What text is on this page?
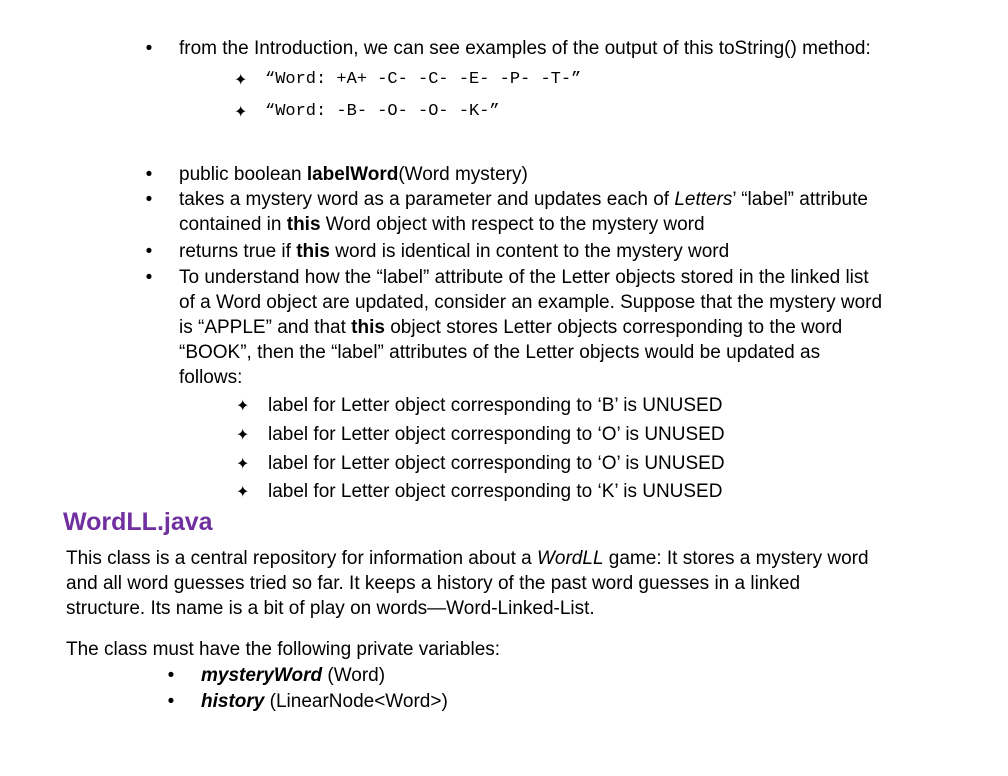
• from the Introduction, we can see examples of the output of this toString() method:
✦ “Word: +A+ -C- -C- -E- -P- -T-”
✦ “Word: -B- -O- -O- -K-”
• public boolean labelWord(Word mystery)
• takes a mystery word as a parameter and updates each of Letters’ “label” attribute
contained in this Word object with respect to the mystery word
• returns true if this word is identical in content to the mystery word
• To understand how the “label” attribute of the Letter objects stored in the linked list
of a Word object are updated, consider an example. Suppose that the mystery word
is “APPLE” and that this object stores Letter objects corresponding to the word
“BOOK”, then the “label” attributes of the Letter objects would be updated as
follows:
✦ label for Letter object corresponding to ‘B’ is UNUSED
✦ label for Letter object corresponding to ‘O’ is UNUSED
✦ label for Letter object corresponding to ‘O’ is UNUSED
✦ label for Letter object corresponding to ‘K’ is UNUSED
WordLL.java
This class is a central repository for information about a WordLL game: It stores a mystery word
and all word guesses tried so far. It keeps a history of the past word guesses in a linked
structure. Its name is a bit of play on words—Word-Linked-List.
The class must have the following private variables:
• mysteryWord (Word)
• history (LinearNode<Word>)
